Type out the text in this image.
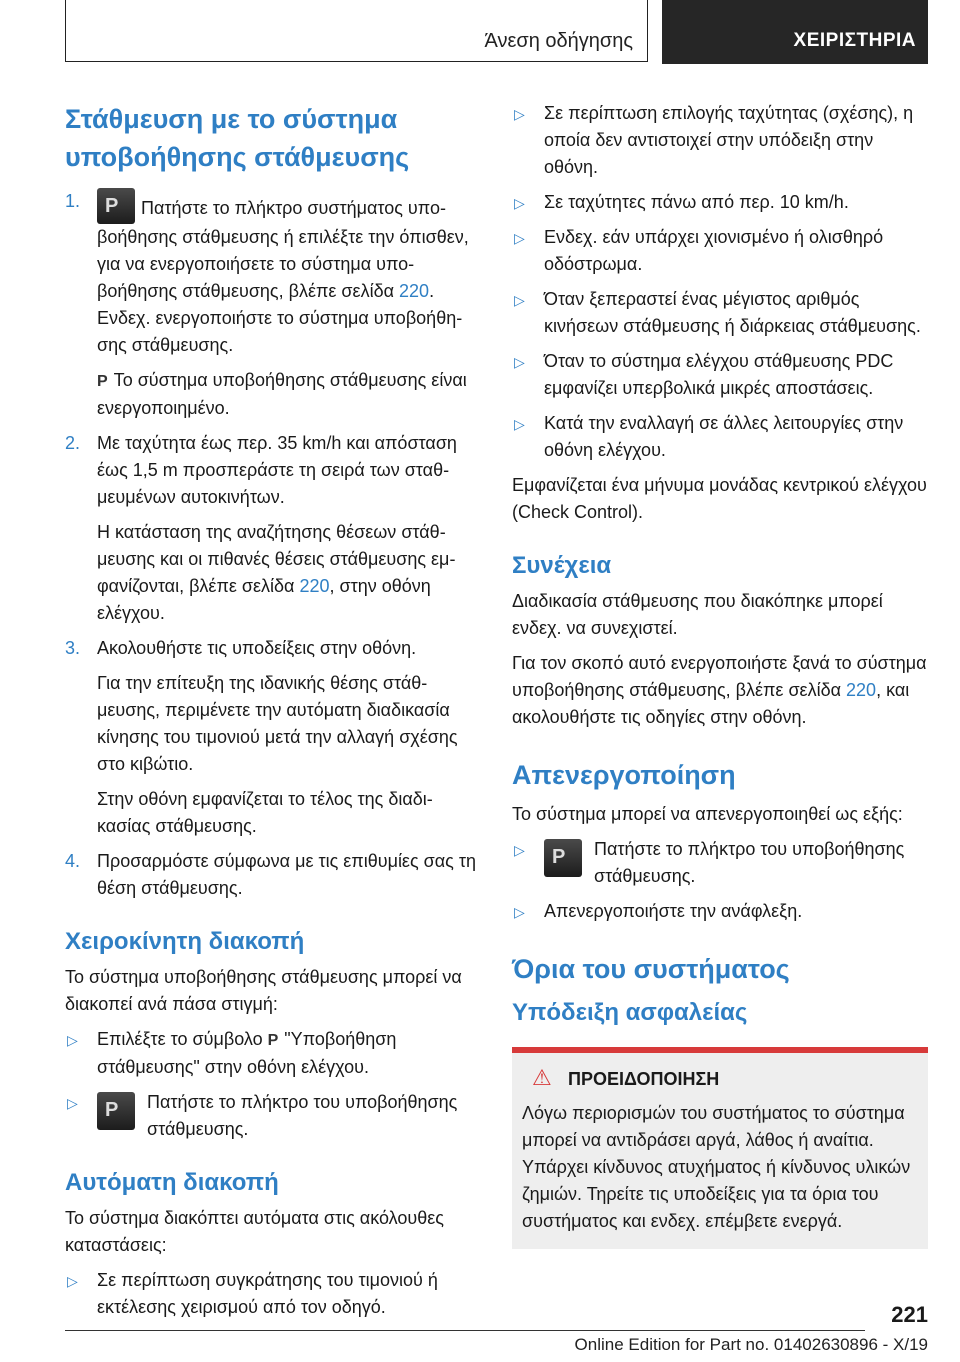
Άνεση οδήγησης	ΧΕΙΡΙΣΤΗΡΙΑ
Στάθμευση με το σύστημα υποβοήθησης στάθμευσης
1. P	Πατήστε το πλήκτρο συστήματος υποβοήθησης στάθμευσης ή επιλέξτε την όπισθεν, για να ενεργοποιήσετε το σύστημα υποβοήθησης στάθμευσης, βλέπε σελίδα 220. Ενδεχ. ενεργοποιήστε το σύστημα υποβοήθησης στάθμευσης.
P Το σύστημα υποβοήθησης στάθμευσης είναι ενεργοποιημένο.
2. Με ταχύτητα έως περ. 35 km/h και απόσταση έως 1,5 m προσπεράστε τη σειρά των σταθμευμένων αυτοκινήτων.
Η κατάσταση της αναζήτησης θέσεων στάθμευσης και οι πιθανές θέσεις στάθμευσης εμφανίζονται, βλέπε σελίδα 220, στην οθόνη ελέγχου.
3. Ακολουθήστε τις υποδείξεις στην οθόνη.
Για την επίτευξη της ιδανικής θέσης στάθμευσης, περιμένετε την αυτόματη διαδικασία κίνησης του τιμονιού μετά την αλλαγή σχέσης στο κιβώτιο.
Στην οθόνη εμφανίζεται το τέλος της διαδικασίας στάθμευσης.
4. Προσαρμόστε σύμφωνα με τις επιθυμίες σας τη θέση στάθμευσης.
Χειροκίνητη διακοπή

Το σύστημα υποβοήθησης στάθμευσης μπορεί να διακοπεί ανά πάσα στιγμή:

▷ Επιλέξτε το σύμβολο P "Υποβοήθηση στάθμευσης" στην οθόνη ελέγχου.
▷ P	Πατήστε το πλήκτρο του υποβοήθησης στάθμευσης.
Αυτόματη διακοπή

Το σύστημα διακόπτει αυτόματα στις ακόλουθες καταστάσεις:

▷ Σε περίπτωση συγκράτησης του τιμονιού ή εκτέλεσης χειρισμού από τον οδηγό.
▷ Σε περίπτωση επιλογής ταχύτητας (σχέσης), η οποία δεν αντιστοιχεί στην υπόδειξη στην οθόνη.
▷ Σε ταχύτητες πάνω από περ. 10 km/h.
▷ Ενδεχ. εάν υπάρχει χιονισμένο ή ολισθηρό οδόστρωμα.
▷ Όταν ξεπεραστεί ένας μέγιστος αριθμός κινήσεων στάθμευσης ή διάρκειας στάθμευσης.
▷ Όταν το σύστημα ελέγχου στάθμευσης PDC εμφανίζει υπερβολικά μικρές αποστάσεις.
▷ Κατά την εναλλαγή σε άλλες λειτουργίες στην οθόνη ελέγχου.

Εμφανίζεται ένα μήνυμα μονάδας κεντρικού ελέγχου (Check Control).

Συνέχεια

Διαδικασία στάθμευσης που διακόπηκε μπορεί ενδεχ. να συνεχιστεί.

Για τον σκοπό αυτό ενεργοποιήστε ξανά το σύστημα υποβοήθησης στάθμευσης, βλέπε σελίδα 220, και ακολουθήστε τις οδηγίες στην οθόνη.

Απενεργοποίηση

Το σύστημα μπορεί να απενεργοποιηθεί ως εξής:

▷ P	Πατήστε το πλήκτρο του υποβοήθησης στάθμευσης.
▷ Απενεργοποιήστε την ανάφλεξη.
Όρια του συστήματος
Υπόδειξη ασφαλείας
⚠ ΠΡΟΕΙΔΟΠΟΙΗΣΗ

Λόγω περιορισμών του συστήματος το σύστημα μπορεί να αντιδράσει αργά, λάθος ή αναίτια. Υπάρχει κίνδυνος ατυχήματος ή κίνδυνος υλικών ζημιών. Τηρείτε τις υποδείξεις για τα όρια του συστήματος και ενδεχ. επέμβετε ενεργά.

221
Online Edition for Part no. 01402630896 - X/19
